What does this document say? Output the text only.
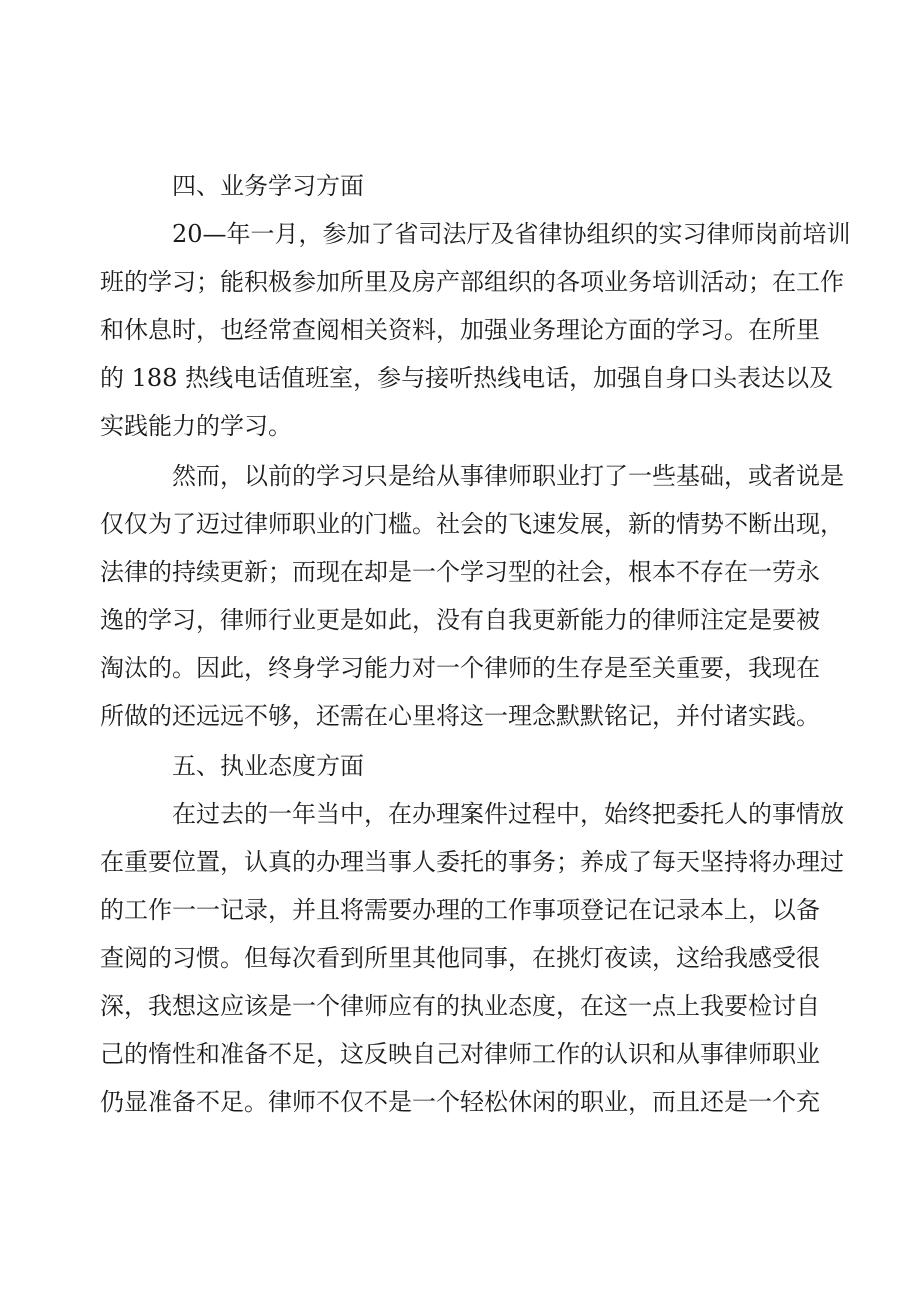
四、业务学习方面
20—年一月，参加了省司法厅及省律协组织的实习律师岗前培训
班的学习；能积极参加所里及房产部组织的各项业务培训活动；在工作
和休息时，也经常查阅相关资料，加强业务理论方面的学习。在所里
的 188 热线电话值班室，参与接听热线电话，加强自身口头表达以及
实践能力的学习。
然而，以前的学习只是给从事律师职业打了一些基础，或者说是
仅仅为了迈过律师职业的门槛。社会的飞速发展，新的情势不断出现，
法律的持续更新；而现在却是一个学习型的社会，根本不存在一劳永
逸的学习，律师行业更是如此，没有自我更新能力的律师注定是要被
淘汰的。因此，终身学习能力对一个律师的生存是至关重要，我现在
所做的还远远不够，还需在心里将这一理念默默铭记，并付诸实践。
五、执业态度方面
在过去的一年当中，在办理案件过程中，始终把委托人的事情放
在重要位置，认真的办理当事人委托的事务；养成了每天坚持将办理过
的工作一一记录，并且将需要办理的工作事项登记在记录本上，以备
查阅的习惯。但每次看到所里其他同事，在挑灯夜读，这给我感受很
深，我想这应该是一个律师应有的执业态度，在这一点上我要检讨自
己的惰性和准备不足，这反映自己对律师工作的认识和从事律师职业
仍显准备不足。律师不仅不是一个轻松休闲的职业，而且还是一个充
